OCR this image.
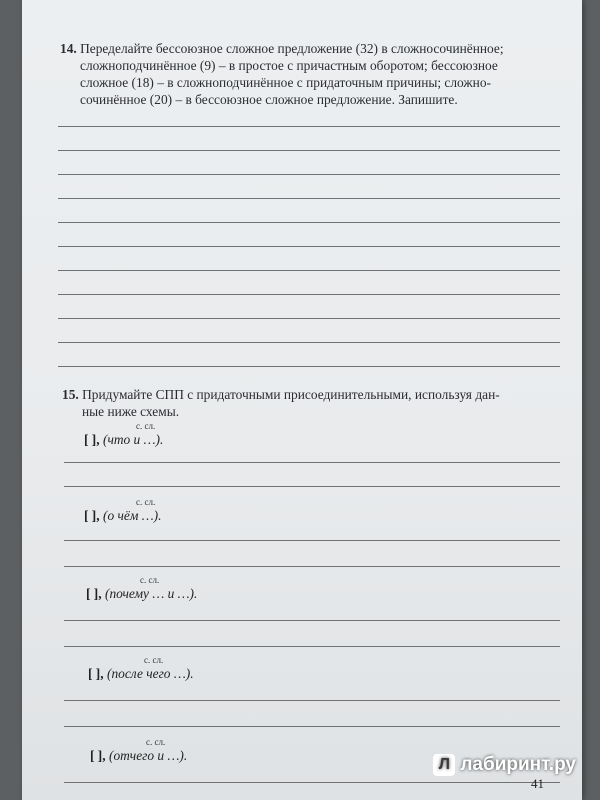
14. Переделайте бессоюзное сложное предложение (32) в сложносочинённое;
сложноподчинённое (9) – в простое с причастным оборотом; бессоюзное
сложное (18) – в сложноподчинённое с придаточным причины; сложно-
сочинённое (20) – в бессоюзное сложное предложение. Запишите.
15. Придумайте СПП с придаточными присоединительными, используя дан-
ные ниже схемы.
с. сл.
[ ], (что и …).
с. сл.
[ ], (о чём …).
с. сл.
[ ], (почему … и …).
с. сл.
[ ], (после чего …).
с. сл.
[ ], (отчего и …).
41
Л лабиринт.ру
